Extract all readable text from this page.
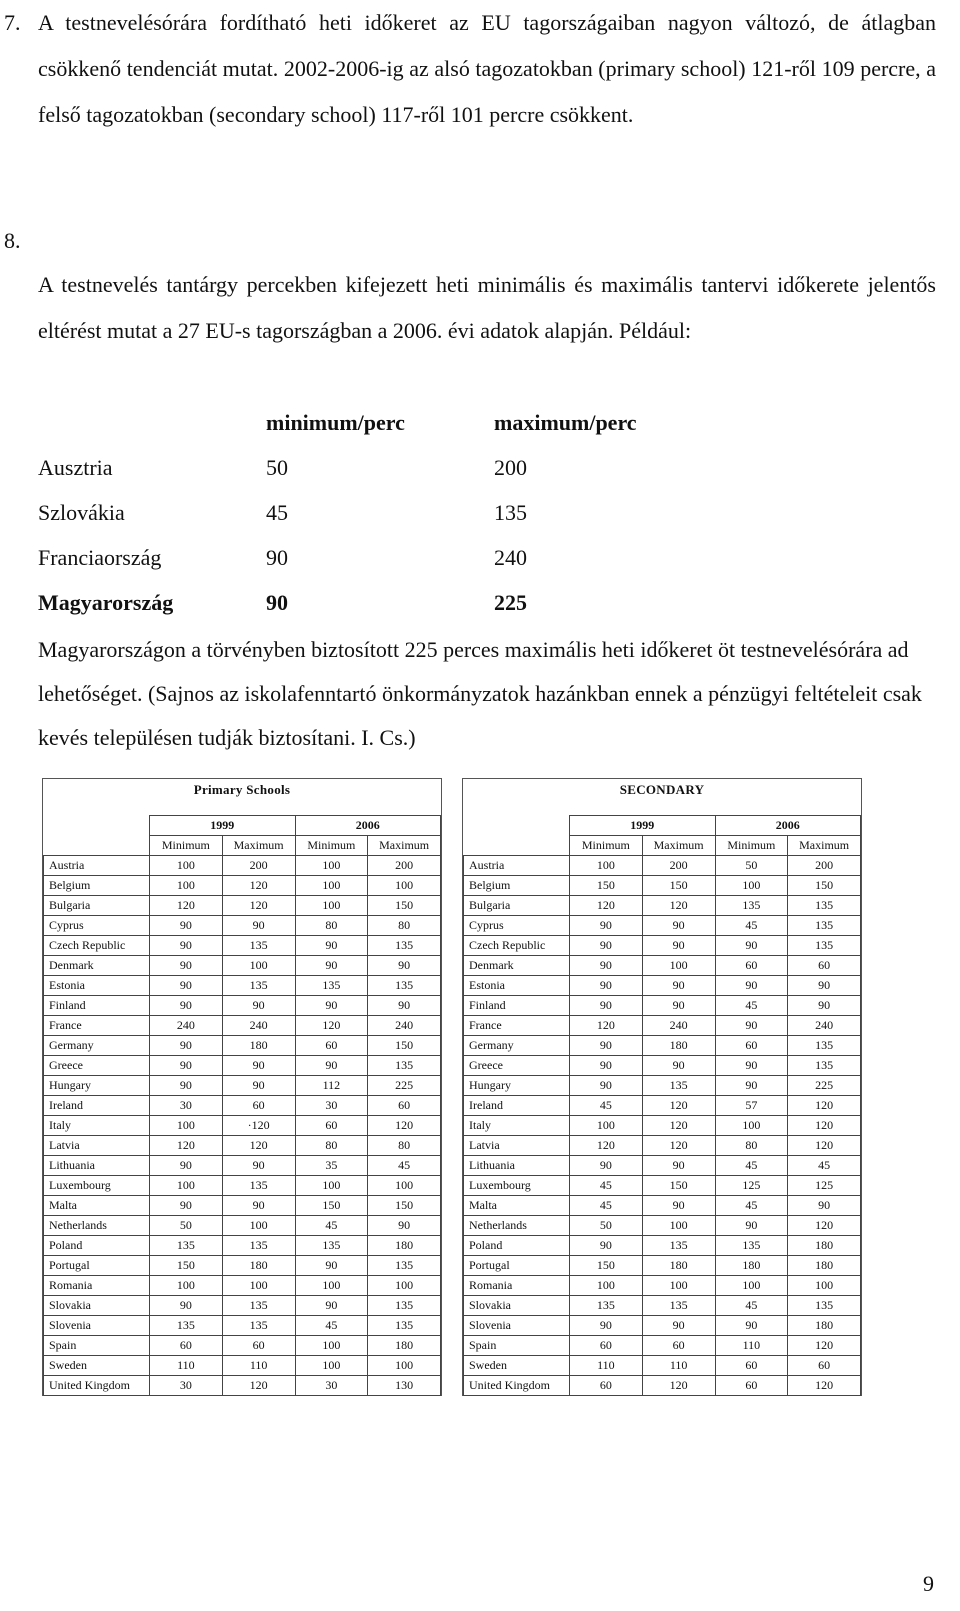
7. A testnevelésórára fordítható heti időkeret az EU tagországaiban nagyon változó, de átlagban csökkenő tendenciát mutat. 2002-2006-ig az alsó tagozatokban (primary school) 121-ről 109 percre, a felső tagozatokban (secondary school) 117-ről 101 percre csökkent.
8.
A testnevelés tantárgy percekben kifejezett heti minimális és maximális tantervi időkerete jelentős eltérést mutat a 27 EU-s tagországban a 2006. évi adatok alapján. Például:
minimum/perc	maximum/perc
Ausztria	50	200
Szlovákia	45	135
Franciaország	90	240
Magyarország	90	225
Magyarországon a törvényben biztosított 225 perces maximális heti időkeret öt testnevelésórára ad lehetőséget. (Sajnos az iskolafenntartó önkormányzatok hazánkban ennek a pénzügyi feltételeit csak kevés településen tudják biztosítani. I. Cs.)
Primary Schools
	1999		2006	
	Minimum	Maximum	Minimum	Maximum
Austria	100	200	100	200
Belgium	100	120	100	100
Bulgaria	120	120	100	150
Cyprus	90	90	80	80
Czech Republic	90	135	90	135
Denmark	90	100	90	90
Estonia	90	135	135	135
Finland	90	90	90	90
France	240	240	120	240
Germany	90	180	60	150
Greece	90	90	90	135
Hungary	90	90	112	225
Ireland	30	60	30	60
Italy	100	·120	60	120
Latvia	120	120	80	80
Lithuania	90	90	35	45
Luxembourg	100	135	100	100
Malta	90	90	150	150
Netherlands	50	100	45	90
Poland	135	135	135	180
Portugal	150	180	90	135
Romania	100	100	100	100
Slovakia	90	135	90	135
Slovenia	135	135	45	135
Spain	60	60	100	180
Sweden	110	110	100	100
United Kingdom	30	120	30	130
SECONDARY
	1999		2006	
	Minimum	Maximum	Minimum	Maximum
Austria	100	200	50	200
Belgium	150	150	100	150
Bulgaria	120	120	135	135
Cyprus	90	90	45	135
Czech Republic	90	90	90	135
Denmark	90	100	60	60
Estonia	90	90	90	90
Finland	90	90	45	90
France	120	240	90	240
Germany	90	180	60	135
Greece	90	90	90	135
Hungary	90	135	90	225
Ireland	45	120	57	120
Italy	100	120	100	120
Latvia	120	120	80	120
Lithuania	90	90	45	45
Luxembourg	45	150	125	125
Malta	45	90	45	90
Netherlands	50	100	90	120
Poland	90	135	135	180
Portugal	150	180	180	180
Romania	100	100	100	100
Slovakia	135	135	45	135
Slovenia	90	90	90	180
Spain	60	60	110	120
Sweden	110	110	60	60
United Kingdom	60	120	60	120
9
